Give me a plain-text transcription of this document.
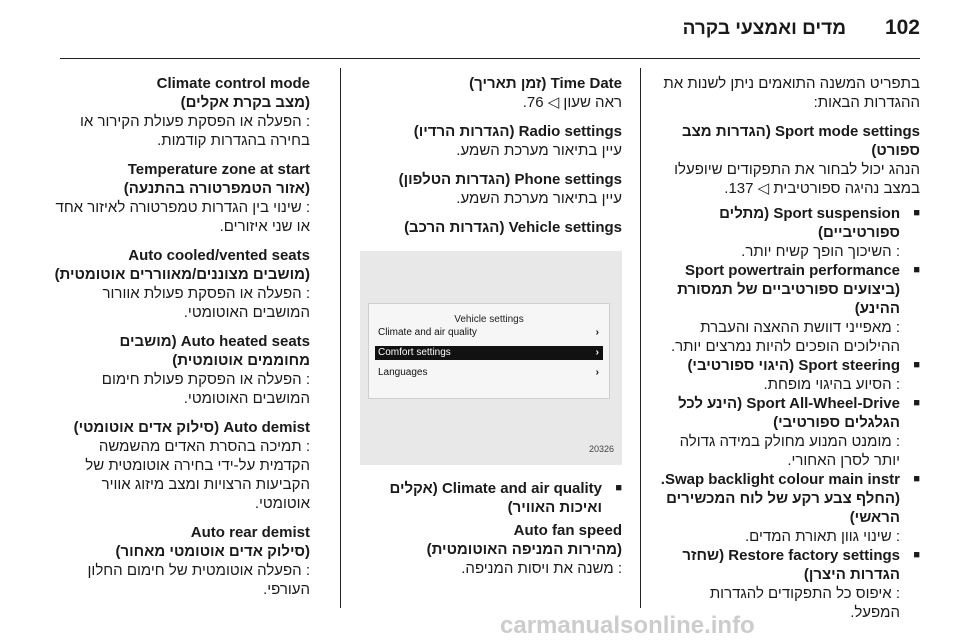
102
מדים ואמצעי בקרה

בתפריט המשנה התואמים ניתן לשנות את ההגדרות הבאות:

Sport mode settings (הגדרות מצב ספורט)

הנהג יכול לבחור את התפקודים שיופעלו במצב נהיגה ספורטיבית ◁ 137.

■ Sport suspension (מתלים ספורטיביים)
: השיכוך הופך קשיח יותר.
■ Sport powertrain performance (ביצועים ספורטיביים של תמסורת ההינע)
: מאפייני דוושת ההאצה והעברת ההילוכים הופכים להיות נמרצים יותר.
■ Sport steering (היגוי ספורטיבי)
: הסיוע בהיגוי מופחת.
■ Sport All-Wheel-Drive (הינע לכל הגלגלים ספורטיבי)
: מומנט המנוע מחולק במידה גדולה יותר לסרן האחורי.
■ Swap backlight colour main instr. (החלף צבע רקע של לוח המכשירים הראשי)
: שינוי גוון תאורת המדים.
■ Restore factory settings (שחזר הגדרות היצרן)
: איפוס כל התפקודים להגדרות המפעל.
Time Date (זמן תאריך)

ראה שעון ◁ 76.

Radio settings (הגדרות הרדיו)

עיין בתיאור מערכת השמע.

Phone settings (הגדרות הטלפון)

עיין בתיאור מערכת השמע.

Vehicle settings (הגדרות הרכב)
Vehicle settings
Climate and air quality	›
Comfort settings	›
Languages	›
20326
■ Climate and air quality (אקלים ואיכות האוויר)
Auto fan speed
(מהירות המניפה האוטומטית)

: משנה את ויסות המניפה.

Climate control mode
(מצב בקרת אקלים)

: הפעלה או הפסקת פעולת הקירור או בחירה בהגדרות קודמות.

Temperature zone at start
(אזור הטמפרטורה בהתנעה)

: שינוי בין הגדרות טמפרטורה לאיזור אחד או שני איזורים.

Auto cooled/vented seats
(מושבים מצוננים/מאווררים אוטומטית)

: הפעלה או הפסקת פעולת אוורור המושבים האוטומטי.

Auto heated seats (מושבים
מחוממים אוטומטית)

: הפעלה או הפסקת פעולת חימום המושבים האוטומטי.

Auto demist (סילוק אדים אוטומטי)

: תמיכה בהסרת האדים מהשמשה הקדמית על-ידי בחירה אוטומטית של הקביעות הרצויות ומצב מיזוג אוויר אוטומטי.

Auto rear demist
(סילוק אדים אוטומטי מאחור)

: הפעלה אוטומטית של חימום החלון העורפי.

carmanualsonline.info
